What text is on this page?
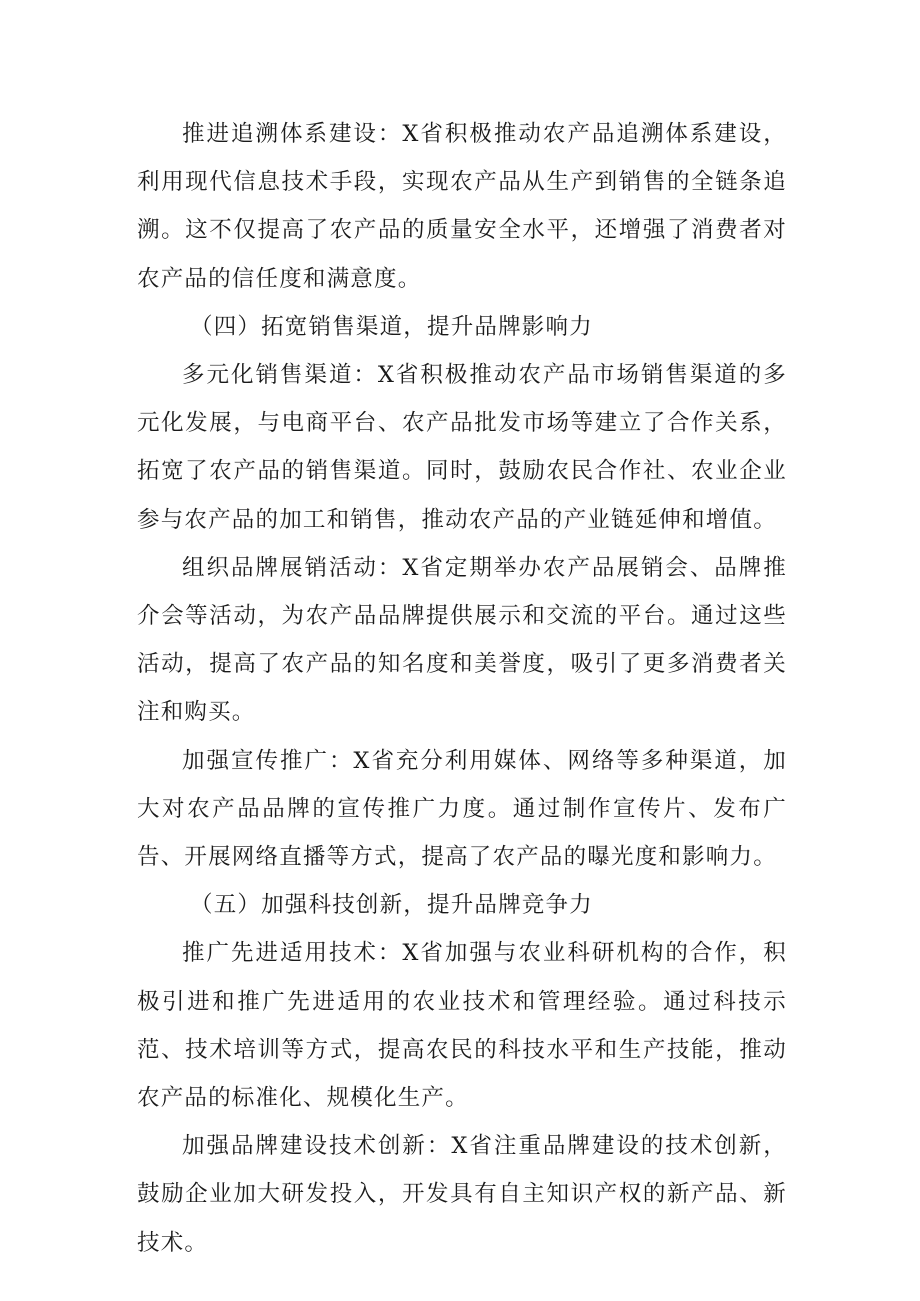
推进追溯体系建设：X省积极推动农产品追溯体系建设，利用现代信息技术手段，实现农产品从生产到销售的全链条追溯。这不仅提高了农产品的质量安全水平，还增强了消费者对农产品的信任度和满意度。

（四）拓宽销售渠道，提升品牌影响力

多元化销售渠道：X省积极推动农产品市场销售渠道的多元化发展，与电商平台、农产品批发市场等建立了合作关系，拓宽了农产品的销售渠道。同时，鼓励农民合作社、农业企业参与农产品的加工和销售，推动农产品的产业链延伸和增值。

组织品牌展销活动：X省定期举办农产品展销会、品牌推介会等活动，为农产品品牌提供展示和交流的平台。通过这些活动，提高了农产品的知名度和美誉度，吸引了更多消费者关注和购买。

加强宣传推广：X省充分利用媒体、网络等多种渠道，加大对农产品品牌的宣传推广力度。通过制作宣传片、发布广告、开展网络直播等方式，提高了农产品的曝光度和影响力。

（五）加强科技创新，提升品牌竞争力

推广先进适用技术：X省加强与农业科研机构的合作，积极引进和推广先进适用的农业技术和管理经验。通过科技示范、技术培训等方式，提高农民的科技水平和生产技能，推动农产品的标准化、规模化生产。

加强品牌建设技术创新：X省注重品牌建设的技术创新，鼓励企业加大研发投入，开发具有自主知识产权的新产品、新技术。
